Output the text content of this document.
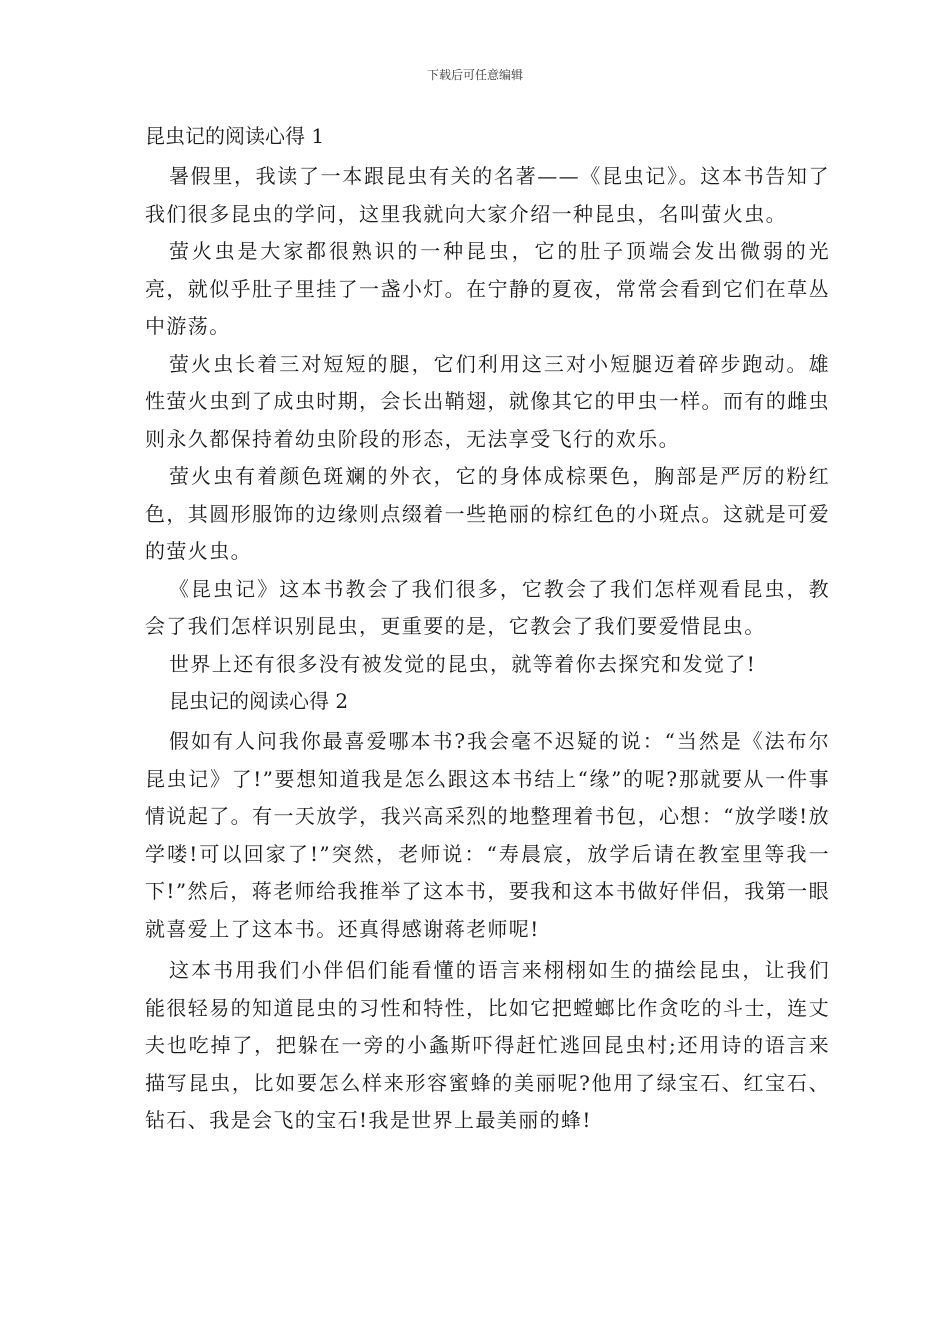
下载后可任意编辑
昆虫记的阅读心得 1

暑假里，我读了一本跟昆虫有关的名著——《昆虫记》。这本书告知了我们很多昆虫的学问，这里我就向大家介绍一种昆虫，名叫萤火虫。

萤火虫是大家都很熟识的一种昆虫，它的肚子顶端会发出微弱的光亮，就似乎肚子里挂了一盏小灯。在宁静的夏夜，常常会看到它们在草丛中游荡。

萤火虫长着三对短短的腿，它们利用这三对小短腿迈着碎步跑动。雄性萤火虫到了成虫时期，会长出鞘翅，就像其它的甲虫一样。而有的雌虫则永久都保持着幼虫阶段的形态，无法享受飞行的欢乐。

萤火虫有着颜色斑斓的外衣，它的身体成棕栗色，胸部是严厉的粉红色，其圆形服饰的边缘则点缀着一些艳丽的棕红色的小斑点。这就是可爱的萤火虫。

《昆虫记》这本书教会了我们很多，它教会了我们怎样观看昆虫，教会了我们怎样识别昆虫，更重要的是，它教会了我们要爱惜昆虫。

世界上还有很多没有被发觉的昆虫，就等着你去探究和发觉了!

昆虫记的阅读心得 2

假如有人问我你最喜爱哪本书?我会毫不迟疑的说：“当然是《法布尔昆虫记》了!”要想知道我是怎么跟这本书结上“缘”的呢?那就要从一件事情说起了。有一天放学，我兴高采烈的地整理着书包，心想：“放学喽!放学喽!可以回家了!”突然，老师说：“寿晨宸，放学后请在教室里等我一下!”然后，蒋老师给我推举了这本书，要我和这本书做好伴侣，我第一眼就喜爱上了这本书。还真得感谢蒋老师呢!

这本书用我们小伴侣们能看懂的语言来栩栩如生的描绘昆虫，让我们能很轻易的知道昆虫的习性和特性，比如它把螳螂比作贪吃的斗士，连丈夫也吃掉了，把躲在一旁的小螽斯吓得赶忙逃回昆虫村;还用诗的语言来描写昆虫，比如要怎么样来形容蜜蜂的美丽呢?他用了绿宝石、红宝石、钻石、我是会飞的宝石!我是世界上最美丽的蜂!
